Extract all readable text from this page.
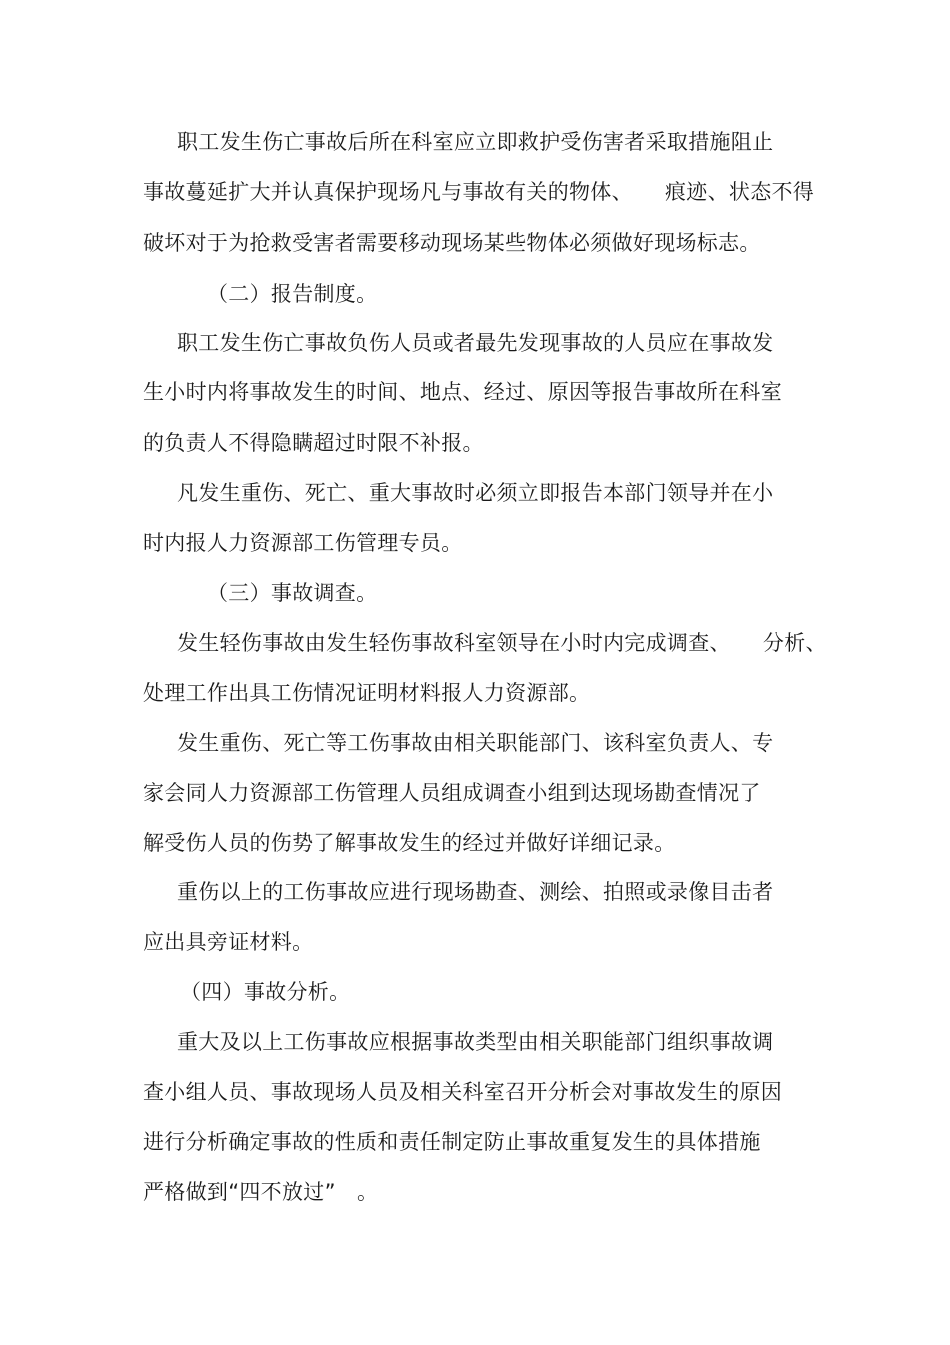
职工发生伤亡事故后所在科室应立即救护受伤害者采取措施阻止
事故蔓延扩大并认真保护现场凡与事故有关的物体、　　痕迹、状态不得
破坏对于为抢救受害者需要移动现场某些物体必须做好现场标志。
（二）报告制度。
职工发生伤亡事故负伤人员或者最先发现事故的人员应在事故发
生小时内将事故发生的时间、地点、经过、原因等报告事故所在科室
的负责人不得隐瞒超过时限不补报。
凡发生重伤、死亡、重大事故时必须立即报告本部门领导并在小
时内报人力资源部工伤管理专员。
（三）事故调查。
发生轻伤事故由发生轻伤事故科室领导在小时内完成调查、　　分析、
处理工作出具工伤情况证明材料报人力资源部。
发生重伤、死亡等工伤事故由相关职能部门、该科室负责人、专
家会同人力资源部工伤管理人员组成调查小组到达现场勘查情况了
解受伤人员的伤势了解事故发生的经过并做好详细记录。
重伤以上的工伤事故应进行现场勘查、测绘、拍照或录像目击者
应出具旁证材料。
（四）事故分析。
重大及以上工伤事故应根据事故类型由相关职能部门组织事故调
查小组人员、事故现场人员及相关科室召开分析会对事故发生的原因
进行分析确定事故的性质和责任制定防止事故重复发生的具体措施
严格做到“四不放过”　。
